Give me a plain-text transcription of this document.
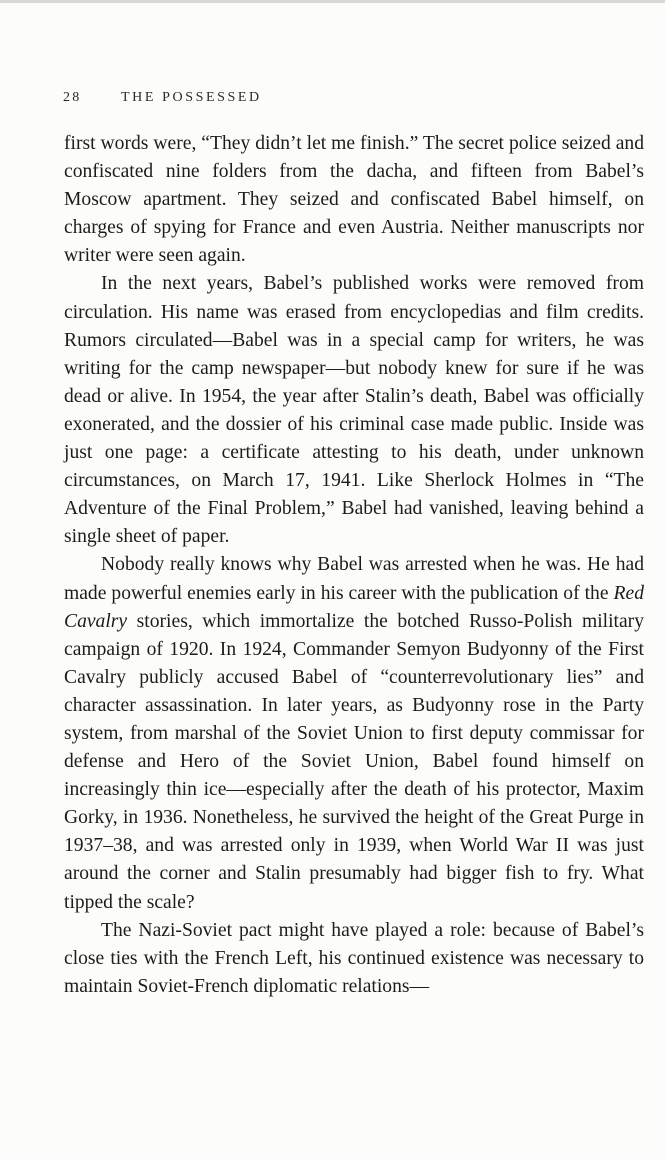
28	THE POSSESSED

first words were, “They didn’t let me finish.” The secret police seized and confiscated nine folders from the dacha, and fifteen from Babel’s Moscow apartment. They seized and confiscated Babel himself, on charges of spying for France and even Austria. Neither manuscripts nor writer were seen again.

In the next years, Babel’s published works were removed from circulation. His name was erased from encyclopedias and film credits. Rumors circulated—Babel was in a special camp for writers, he was writing for the camp newspaper—but nobody knew for sure if he was dead or alive. In 1954, the year after Stalin’s death, Babel was officially exonerated, and the dossier of his criminal case made public. Inside was just one page: a certificate attesting to his death, under unknown circumstances, on March 17, 1941. Like Sherlock Holmes in “The Adventure of the Final Problem,” Babel had vanished, leaving behind a single sheet of paper.

Nobody really knows why Babel was arrested when he was. He had made powerful enemies early in his career with the publication of the Red Cavalry stories, which immortalize the botched Russo-Polish military campaign of 1920. In 1924, Commander Semyon Budyonny of the First Cavalry publicly accused Babel of “counterrevolutionary lies” and character assassination. In later years, as Budyonny rose in the Party system, from marshal of the Soviet Union to first deputy commissar for defense and Hero of the Soviet Union, Babel found himself on increasingly thin ice—especially after the death of his protector, Maxim Gorky, in 1936. Nonetheless, he survived the height of the Great Purge in 1937–38, and was arrested only in 1939, when World War II was just around the corner and Stalin presumably had bigger fish to fry. What tipped the scale?

The Nazi-Soviet pact might have played a role: because of Babel’s close ties with the French Left, his continued existence was necessary to maintain Soviet-French diplomatic relations—
